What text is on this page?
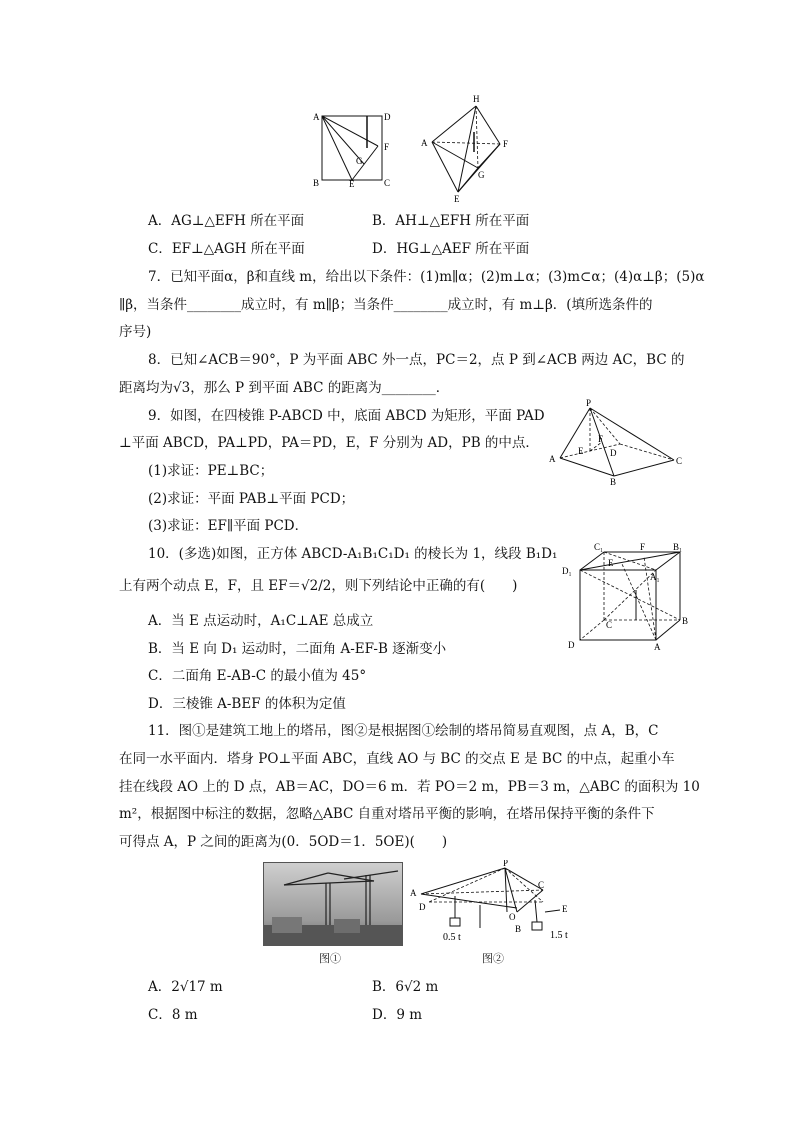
A	D
F
G
B	E	C
H
A	F
G
E
A．AG⊥△EFH 所在平面	B．AH⊥△EFH 所在平面
C．EF⊥△AGH 所在平面	D．HG⊥△AEF 所在平面
7．已知平面α，β和直线 m，给出以下条件：(1)m∥α；(2)m⊥α；(3)m⊂α；(4)α⊥β；(5)α
∥β，当条件________成立时，有 m∥β；当条件________成立时，有 m⊥β．(填所选条件的
序号)
8．已知∠ACB＝90°，P 为平面 ABC 外一点，PC＝2，点 P 到∠ACB 两边 AC，BC 的
距离均为√3，那么 P 到平面 ABC 的距离为________．
9．如图，在四棱锥 P-ABCD 中，底面 ABCD 为矩形，平面 PAD
⊥平面 ABCD，PA⊥PD，PA＝PD，E，F 分别为 AD，PB 的中点．
(1)求证：PE⊥BC；
(2)求证：平面 PAB⊥平面 PCD；
(3)求证：EF∥平面 PCD．
P
A
E
F
D
C
B
10．(多选)如图，正方体 ABCD-A₁B₁C₁D₁ 的棱长为 1，线段 B₁D₁
上有两个动点 E，F，且 EF＝√2/2，则下列结论中正确的有(　　)
A．当 E 点运动时，A₁C⊥AE 总成立
B．当 E 向 D₁ 运动时，二面角 A-EF-B 逐渐变小
C．二面角 E-AB-C 的最小值为 45°
D．三棱锥 A-BEF 的体积为定值
C₁	F	B₁
D₁
E
A₁
C	B
D	A
11．图①是建筑工地上的塔吊，图②是根据图①绘制的塔吊简易直观图，点 A，B，C
在同一水平面内．塔身 PO⊥平面 ABC，直线 AO 与 BC 的交点 E 是 BC 的中点，起重小车
挂在线段 AO 上的 D 点，AB＝AC，DO＝6 m．若 PO＝2 m，PB＝3 m，△ABC 的面积为 10
m²，根据图中标注的数据，忽略△ABC 自重对塔吊平衡的影响，在塔吊保持平衡的条件下
可得点 A，P 之间的距离为(0．5OD＝1．5OE)(　　)
图①
P
A
D
C
O
B
E
0.5 t	1.5 t
图②
A．2√17 m	B．6√2 m
C．8 m	D．9 m
